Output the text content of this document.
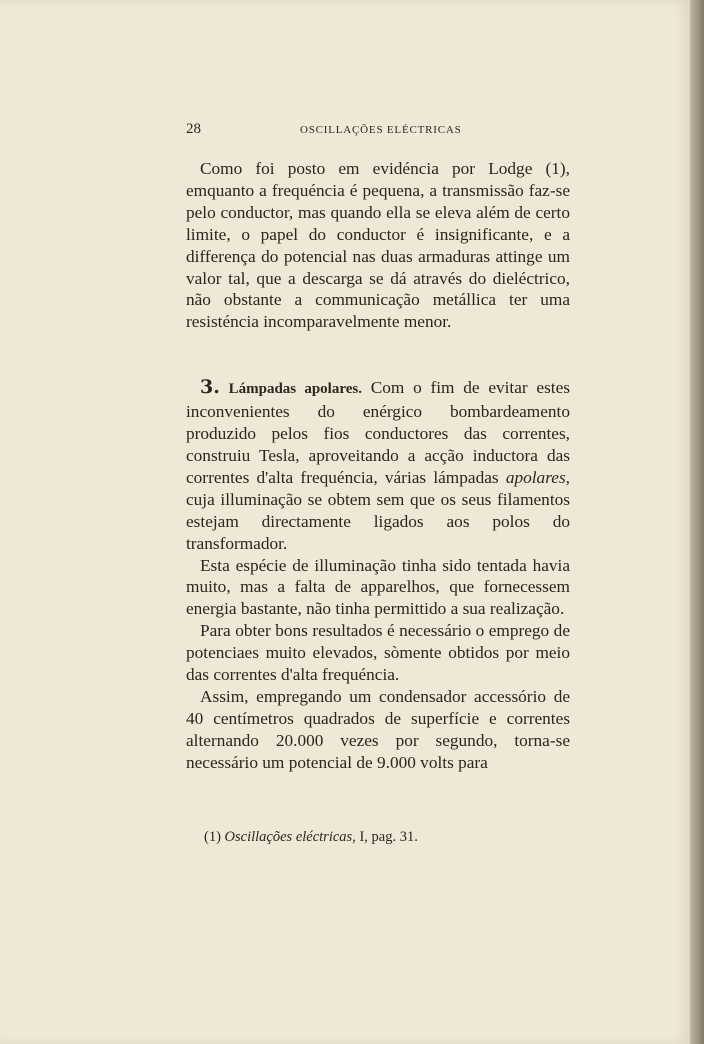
28	OSCILLAÇÕES ELÉCTRICAS

Como foi posto em evidéncia por Lodge (1), emquanto a frequéncia é pequena, a transmissão faz-se pelo conductor, mas quando ella se eleva além de certo limite, o papel do conductor é insignificante, e a differença do potencial nas duas armaduras attinge um valor tal, que a descarga se dá através do dieléctrico, não obstante a communicação metállica ter uma resisténcia incomparavelmente menor.

3. Lámpadas apolares. Com o fim de evitar estes inconvenientes do enérgico bombardeamento produzido pelos fios conductores das correntes, construiu Tesla, aproveitando a acção inductora das correntes d'alta frequéncia, várias lámpadas apolares, cuja illuminação se obtem sem que os seus filamentos estejam directamente ligados aos polos do transformador.

Esta espécie de illuminação tinha sido tentada havia muito, mas a falta de apparelhos, que fornecessem energia bastante, não tinha permittido a sua realização.

Para obter bons resultados é necessário o emprego de potenciaes muito elevados, sòmente obtidos por meio das correntes d'alta frequéncia.

Assim, empregando um condensador accessório de 40 centímetros quadrados de superfície e correntes alternando 20.000 vezes por segundo, torna-se necessário um potencial de 9.000 volts para

(1) Oscillações eléctricas, I, pag. 31.
